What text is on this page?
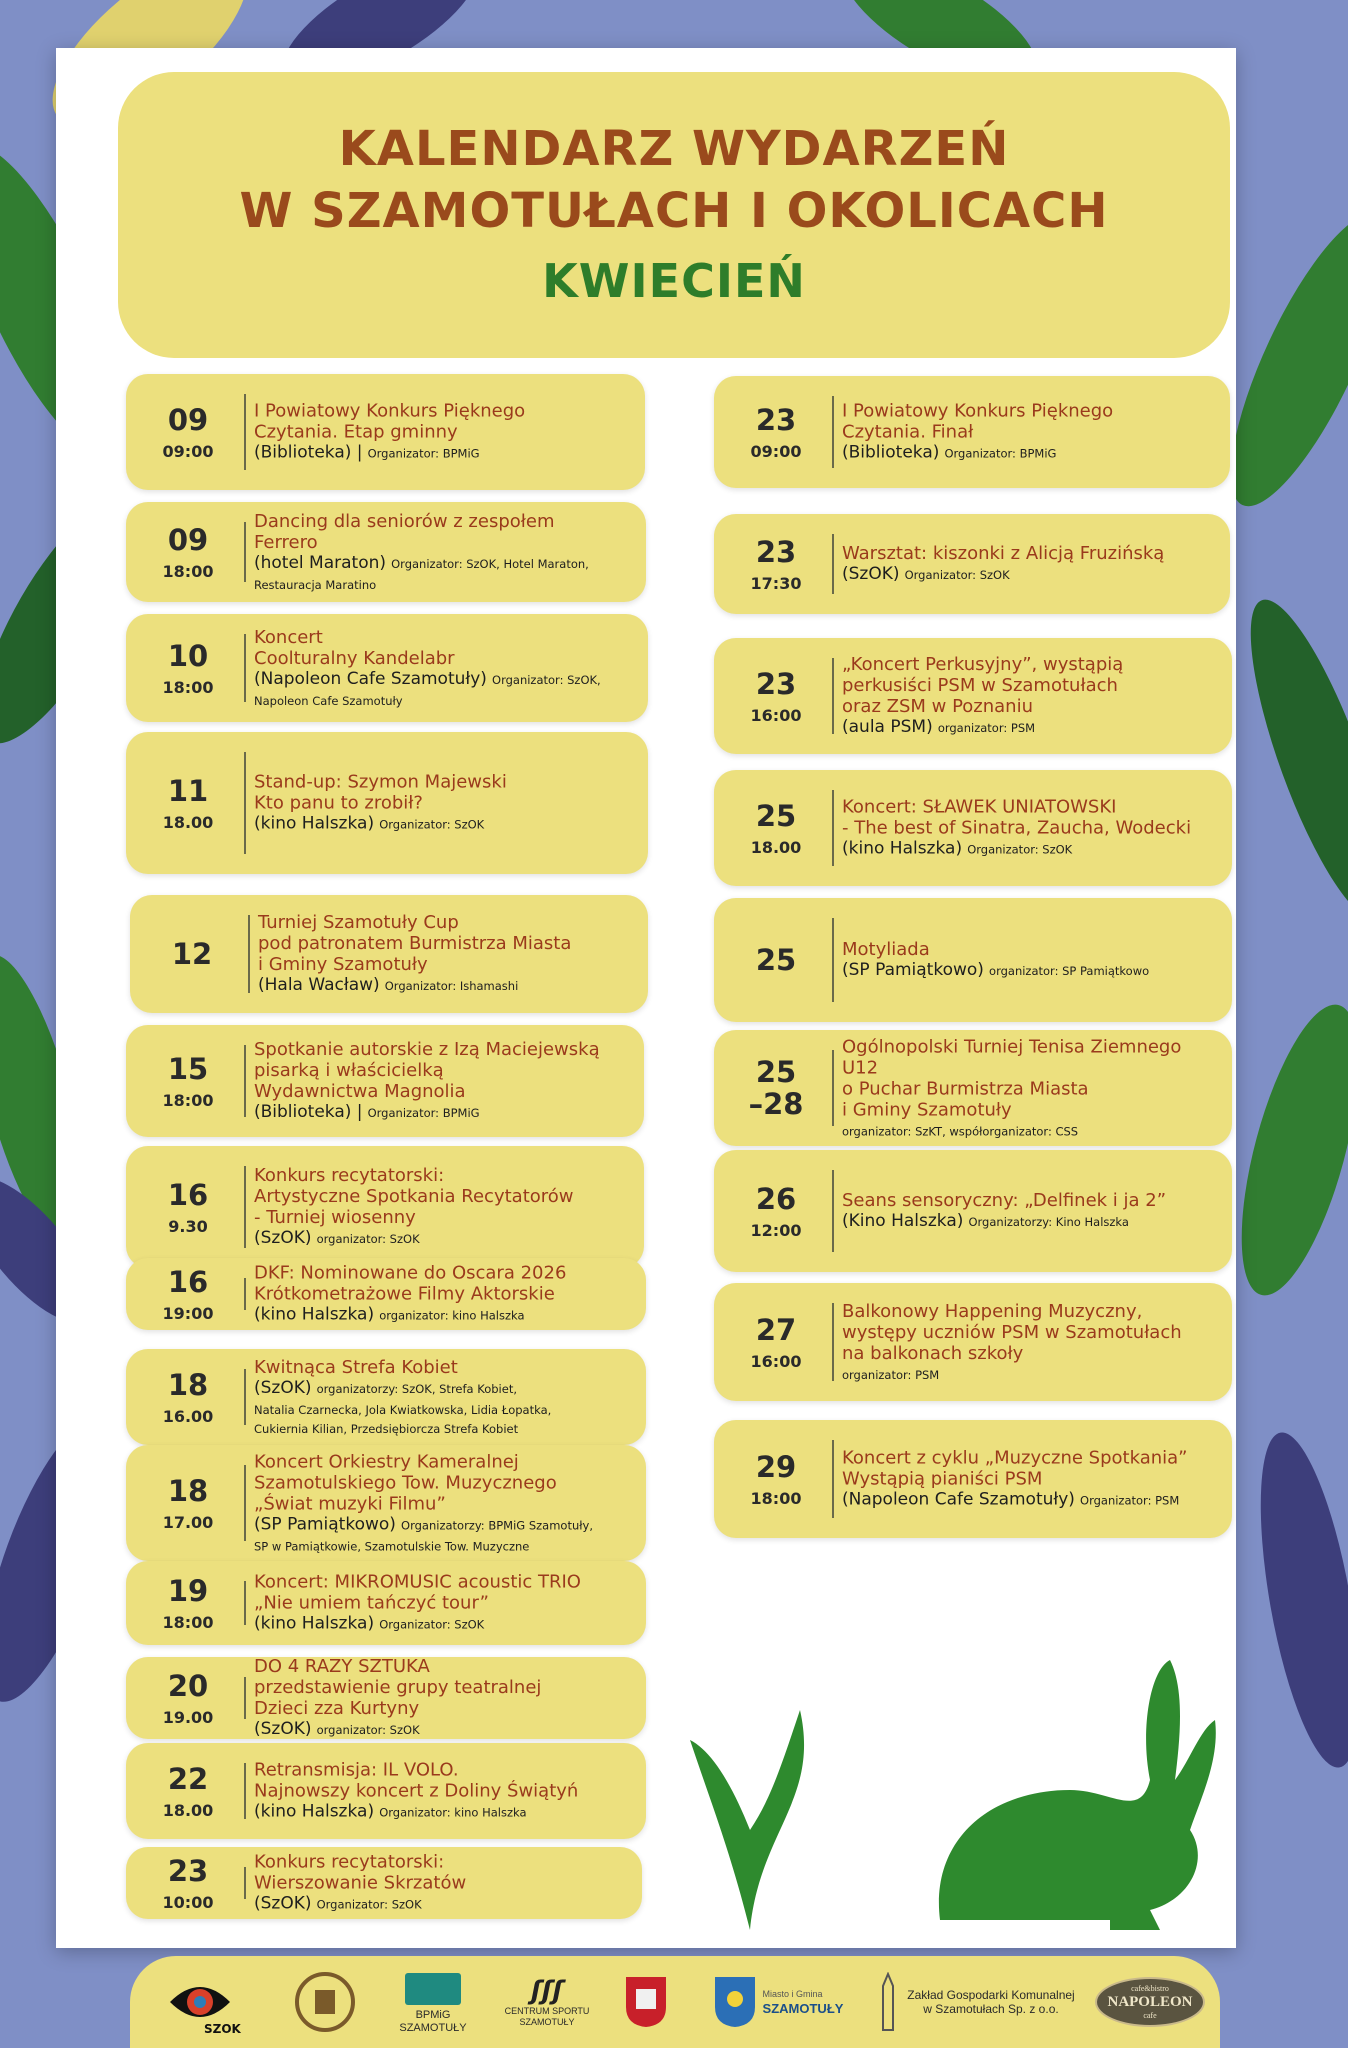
KALENDARZ WYDARZEŃ
W SZAMOTUŁACH I OKOLICACH
KWIECIEŃ
09
09:00
I Powiatowy Konkurs Pięknego
Czytania. Etap gminny
(Biblioteka) | Organizator: BPMiG
09
18:00
Dancing dla seniorów z zespołem
Ferrero
(hotel Maraton) Organizator: SzOK, Hotel Maraton,
Restauracja Maratino
10
18:00
Koncert
Coolturalny Kandelabr
(Napoleon Cafe Szamotuły) Organizator: SzOK, Napoleon Cafe Szamotuły
11
18.00
Stand-up: Szymon Majewski
Kto panu to zrobił?
(kino Halszka) Organizator: SzOK
12
Turniej Szamotuły Cup
pod patronatem Burmistrza Miasta
i Gminy Szamotuły
(Hala Wacław) Organizator: Ishamashi
15
18:00
Spotkanie autorskie z Izą Maciejewską
pisarką i właścicielką
Wydawnictwa Magnolia
(Biblioteka) | Organizator: BPMiG
16
9.30
Konkurs recytatorski:
Artystyczne Spotkania Recytatorów
- Turniej wiosenny
(SzOK) organizator: SzOK
16
19:00
DKF: Nominowane do Oscara 2026
Krótkometrażowe Filmy Aktorskie
(kino Halszka) organizator: kino Halszka
18
16.00
Kwitnąca Strefa Kobiet
(SzOK) organizatorzy: SzOK, Strefa Kobiet,
Natalia Czarnecka, Jola Kwiatkowska, Lidia Łopatka,
Cukiernia Kilian, Przedsiębiorcza Strefa Kobiet
18
17.00
Koncert Orkiestry Kameralnej
Szamotulskiego Tow. Muzycznego
„Świat muzyki Filmu”
(SP Pamiątkowo) Organizatorzy: BPMiG Szamotuły,
SP w Pamiątkowie, Szamotulskie Tow. Muzyczne
19
18:00
Koncert: MIKROMUSIC acoustic TRIO
„Nie umiem tańczyć tour”
(kino Halszka) Organizator: SzOK
20
19.00
DO 4 RAZY SZTUKA
przedstawienie grupy teatralnej
Dzieci zza Kurtyny
(SzOK) organizator: SzOK
22
18.00
Retransmisja: IL VOLO.
Najnowszy koncert z Doliny Świątyń
(kino Halszka) Organizator: kino Halszka
23
10:00
Konkurs recytatorski:
Wierszowanie Skrzatów
(SzOK) Organizator: SzOK
23
09:00
I Powiatowy Konkurs Pięknego
Czytania. Finał
(Biblioteka) Organizator: BPMiG
23
17:30
Warsztat: kiszonki z Alicją Fruzińską
(SzOK) Organizator: SzOK
23
16:00
„Koncert Perkusyjny”, wystąpią
perkusiści PSM w Szamotułach
oraz ZSM w Poznaniu
(aula PSM) organizator: PSM
25
18.00
Koncert: SŁAWEK UNIATOWSKI
- The best of Sinatra, Zaucha, Wodecki
(kino Halszka) Organizator: SzOK
25	Motyliada
(SP Pamiątkowo) organizator: SP Pamiątkowo
25
–28
Ogólnopolski Turniej Tenisa Ziemnego U12
o Puchar Burmistrza Miasta
i Gminy Szamotuły
organizator: SzKT, współorganizator: CSS
26
12:00
Seans sensoryczny: „Delfinek i ja 2”
(Kino Halszka) Organizatorzy: Kino Halszka
27
16:00
Balkonowy Happening Muzyczny,
występy uczniów PSM w Szamotułach
na balkonach szkoły
organizator: PSM
29
18:00
Koncert z cyklu „Muzyczne Spotkania”
Wystąpią pianiści PSM
(Napoleon Cafe Szamotuły) Organizator: PSM
SZOK
BPMiG
SZAMOTUŁY
ʃʃʃ
CENTRUM SPORTU
SZAMOTUŁY
Miasto i Gmina
SZAMOTUŁY
Zakład Gospodarki Komunalnej
w Szamotułach Sp. z o.o.
cafe&bistro
NAPOLEON
cafe
